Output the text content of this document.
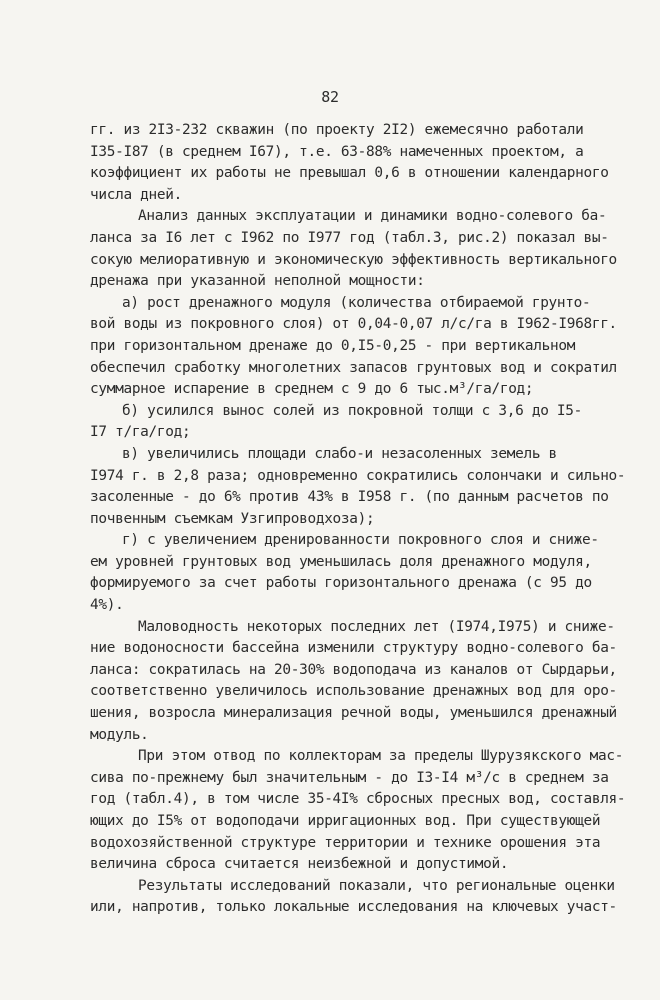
82
гг. из 2I3-232 скважин (по проекту 2I2) ежемесячно работали
I35-I87 (в среднем I67), т.е. 63-88% намеченных проектом, а
коэффициент их работы не превышал 0,6 в отношении календарного
числа дней.
Анализ данных эксплуатации и динамики водно-солевого ба-
ланса за I6 лет с I962 по I977 год (табл.3, рис.2) показал вы-
сокую мелиоративную и экономическую эффективность вертикального
дренажа при указанной неполной мощности:
а) рост дренажного модуля (количества отбираемой грунто-
вой воды из покровного слоя) от 0,04-0,07 л/с/га в I962-I968гг.
при горизонтальном дренаже до 0,I5-0,25 - при вертикальном
обеспечил сработку многолетних запасов грунтовых вод и сократил
суммарное испарение в среднем с 9 до 6 тыс.м³/га/год;
б) усилился вынос солей из покровной толщи с 3,6 до I5-
I7 т/га/год;
в) увеличились площади слабо-и незасоленных земель в
I974 г. в 2,8 раза; одновременно сократились солончаки и сильно-
засоленные - до 6% против 43% в I958 г. (по данным расчетов по
почвенным съемкам Узгипроводхоза);
г) с увеличением дренированности покровного слоя и сниже-
ем уровней грунтовых вод уменьшилась доля дренажного модуля,
формируемого за счет работы горизонтального дренажа (с 95 до
4%).
Маловодность некоторых последних лет (I974,I975) и сниже-
ние водоносности бассейна изменили структуру водно-солевого ба-
ланса: сократилась на 20-30% водоподача из каналов от Сырдарьи,
соответственно увеличилось использование дренажных вод для оро-
шения, возросла минерализация речной воды, уменьшился дренажный
модуль.
При этом отвод по коллекторам за пределы Шурузякского мас-
сива по-прежнему был значительным - до I3-I4 м³/с в среднем за
год (табл.4), в том числе 35-4I% сбросных пресных вод, составля-
ющих до I5% от водоподачи ирригационных вод. При существующей
водохозяйственной структуре территории и технике орошения эта
величина сброса считается неизбежной и допустимой.
Результаты исследований показали, что региональные оценки
или, напротив, только локальные исследования на ключевых участ-
